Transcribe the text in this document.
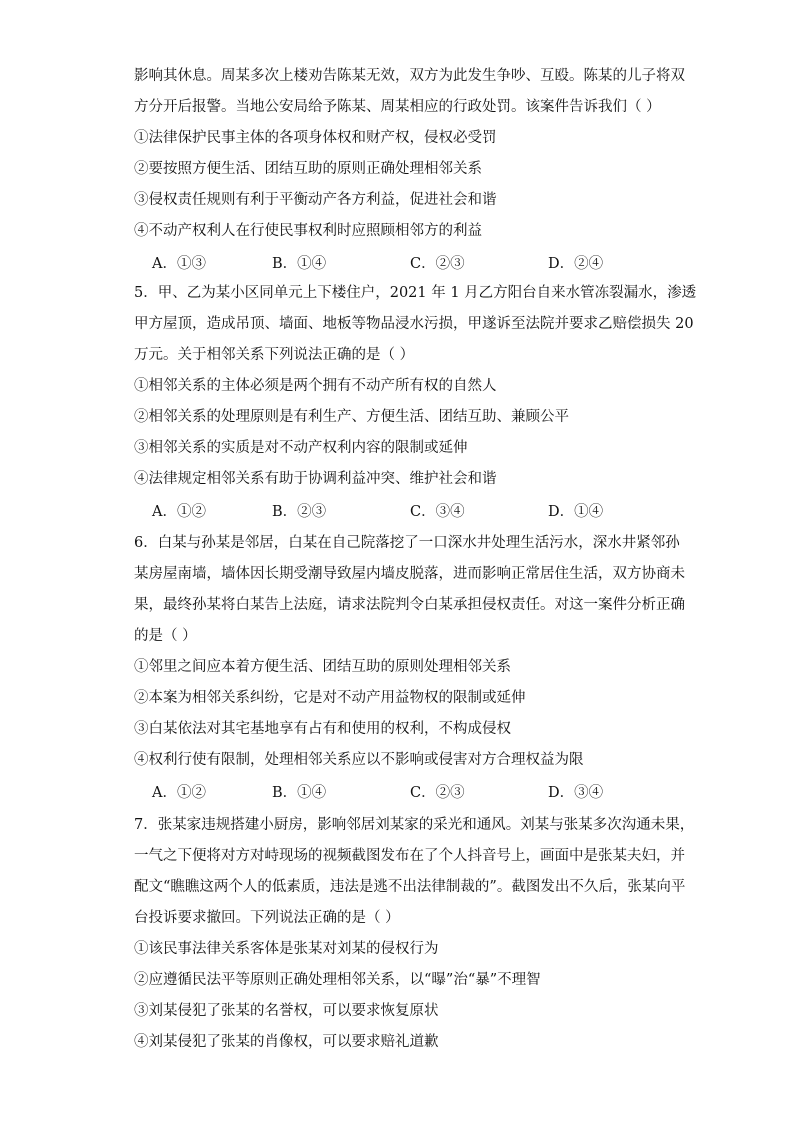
影响其休息。周某多次上楼劝告陈某无效，双方为此发生争吵、互殴。陈某的儿子将双
方分开后报警。当地公安局给予陈某、周某相应的行政处罚。该案件告诉我们（ ）
①法律保护民事主体的各项身体权和财产权，侵权必受罚
②要按照方便生活、团结互助的原则正确处理相邻关系
③侵权责任规则有利于平衡动产各方利益，促进社会和谐
④不动产权利人在行使民事权利时应照顾相邻方的利益
A．①③	B．①④	C．②③	D．②④
5．甲、乙为某小区同单元上下楼住户，2021 年 1 月乙方阳台自来水管冻裂漏水，渗透
甲方屋顶，造成吊顶、墙面、地板等物品浸水污损，甲遂诉至法院并要求乙赔偿损失 20
万元。关于相邻关系下列说法正确的是（ ）
①相邻关系的主体必须是两个拥有不动产所有权的自然人
②相邻关系的处理原则是有利生产、方便生活、团结互助、兼顾公平
③相邻关系的实质是对不动产权利内容的限制或延伸
④法律规定相邻关系有助于协调利益冲突、维护社会和谐
A．①②	B．②③	C．③④	D．①④
6．白某与孙某是邻居，白某在自己院落挖了一口深水井处理生活污水，深水井紧邻孙
某房屋南墙，墙体因长期受潮导致屋内墙皮脱落，进而影响正常居住生活，双方协商未
果，最终孙某将白某告上法庭，请求法院判令白某承担侵权责任。对这一案件分析正确
的是（ ）
①邻里之间应本着方便生活、团结互助的原则处理相邻关系
②本案为相邻关系纠纷，它是对不动产用益物权的限制或延伸
③白某依法对其宅基地享有占有和使用的权利，不构成侵权
④权利行使有限制，处理相邻关系应以不影响或侵害对方合理权益为限
A．①②	B．①④	C．②③	D．③④
7．张某家违规搭建小厨房，影响邻居刘某家的采光和通风。刘某与张某多次沟通未果，
一气之下便将对方对峙现场的视频截图发布在了个人抖音号上，画面中是张某夫妇，并
配文“瞧瞧这两个人的低素质，违法是逃不出法律制裁的”。截图发出不久后，张某向平
台投诉要求撤回。下列说法正确的是（ ）
①该民事法律关系客体是张某对刘某的侵权行为
②应遵循民法平等原则正确处理相邻关系，以“曝”治“暴”不理智
③刘某侵犯了张某的名誉权，可以要求恢复原状
④刘某侵犯了张某的肖像权，可以要求赔礼道歉
